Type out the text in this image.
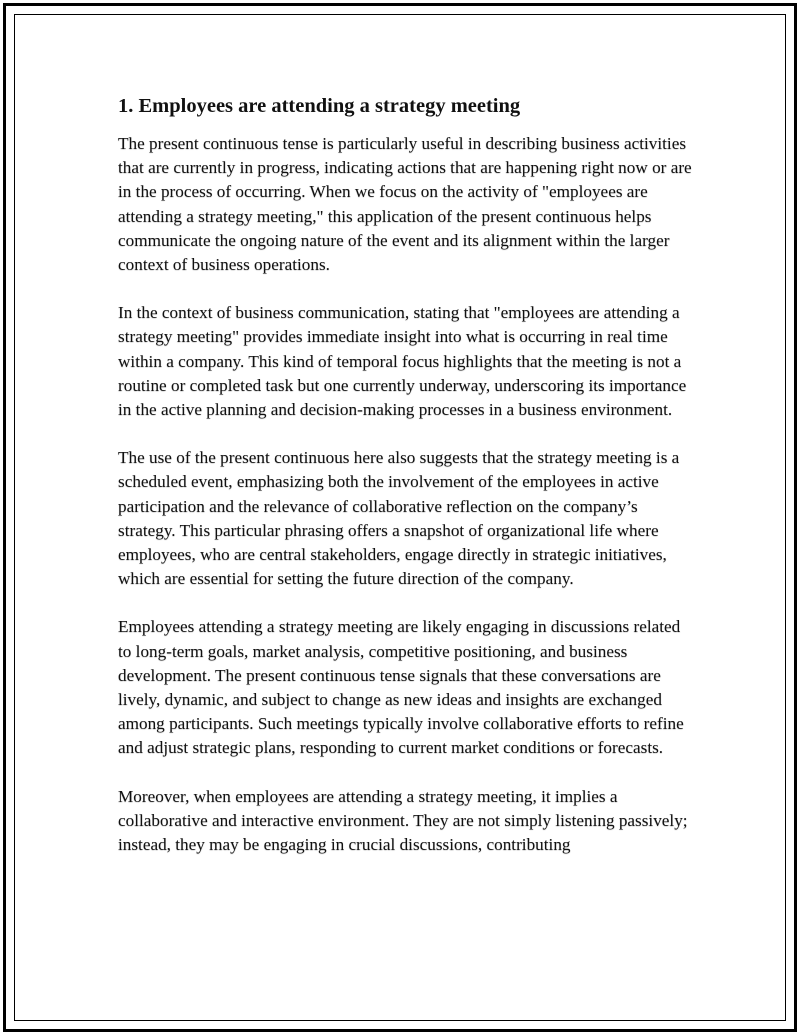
1. Employees are attending a strategy meeting

The present continuous tense is particularly useful in describing business activities that are currently in progress, indicating actions that are happening right now or are in the process of occurring. When we focus on the activity of "employees are attending a strategy meeting," this application of the present continuous helps communicate the ongoing nature of the event and its alignment within the larger context of business operations.

In the context of business communication, stating that "employees are attending a strategy meeting" provides immediate insight into what is occurring in real time within a company. This kind of temporal focus highlights that the meeting is not a routine or completed task but one currently underway, underscoring its importance in the active planning and decision-making processes in a business environment.

The use of the present continuous here also suggests that the strategy meeting is a scheduled event, emphasizing both the involvement of the employees in active participation and the relevance of collaborative reflection on the company’s strategy. This particular phrasing offers a snapshot of organizational life where employees, who are central stakeholders, engage directly in strategic initiatives, which are essential for setting the future direction of the company.

Employees attending a strategy meeting are likely engaging in discussions related to long-term goals, market analysis, competitive positioning, and business development. The present continuous tense signals that these conversations are lively, dynamic, and subject to change as new ideas and insights are exchanged among participants. Such meetings typically involve collaborative efforts to refine and adjust strategic plans, responding to current market conditions or forecasts.

Moreover, when employees are attending a strategy meeting, it implies a collaborative and interactive environment. They are not simply listening passively; instead, they may be engaging in crucial discussions, contributing
